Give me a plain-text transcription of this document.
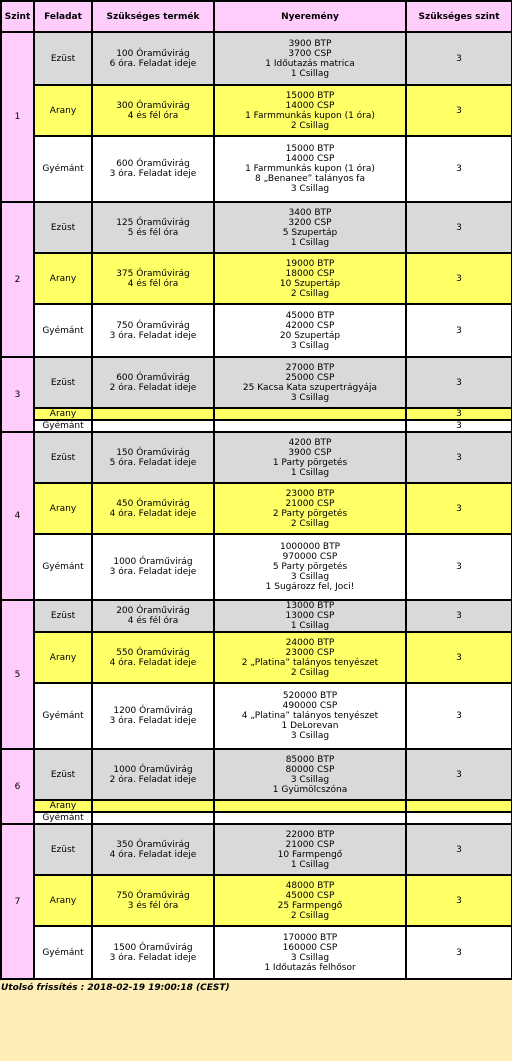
Szint	Feladat	Szükséges termék	Nyeremény	Szükséges szint
1	Ezüst	100 Óraművirág
6 óra. Feladat ideje	3900 BTP
3700 CSP
1 Időutazás matrica
1 Csillag	3
	Arany	300 Óraművirág
4 és fél óra	15000 BTP
14000 CSP
1 Farmmunkás kupon (1 óra)
2 Csillag	3
	Gyémánt	600 Óraművirág
3 óra. Feladat ideje	15000 BTP
14000 CSP
1 Farmmunkás kupon (1 óra)
8 „Benanee” talányos fa
3 Csillag	3
2	Ezüst	125 Óraművirág
5 és fél óra	3400 BTP
3200 CSP
5 Szupertáp
1 Csillag	3
	Arany	375 Óraművirág
4 és fél óra	19000 BTP
18000 CSP
10 Szupertáp
2 Csillag	3
	Gyémánt	750 Óraművirág
3 óra. Feladat ideje	45000 BTP
42000 CSP
20 Szupertáp
3 Csillag	3
3	Ezüst	600 Óraművirág
2 óra. Feladat ideje	27000 BTP
25000 CSP
25 Kacsa Kata szupertrágyája
3 Csillag	3
	Arany			3
	Gyémánt			3
4	Ezüst	150 Óraművirág
5 óra. Feladat ideje	4200 BTP
3900 CSP
1 Party pörgetés
1 Csillag	3
	Arany	450 Óraművirág
4 óra. Feladat ideje	23000 BTP
21000 CSP
2 Party pörgetés
2 Csillag	3
	Gyémánt	1000 Óraművirág
3 óra. Feladat ideje	1000000 BTP
970000 CSP
5 Party pörgetés
3 Csillag
1 Sugározz fel, Joci!	3
5	Ezüst	200 Óraművirág
4 és fél óra	13000 BTP
13000 CSP
1 Csillag	3
	Arany	550 Óraművirág
4 óra. Feladat ideje	24000 BTP
23000 CSP
2 „Platina” talányos tenyészet
2 Csillag	3
	Gyémánt	1200 Óraművirág
3 óra. Feladat ideje	520000 BTP
490000 CSP
4 „Platina” talányos tenyészet
1 DeLorevan
3 Csillag	3
6	Ezüst	1000 Óraművirág
2 óra. Feladat ideje	85000 BTP
80000 CSP
3 Csillag
1 Gyümölcszóna	3
	Arany			
	Gyémánt			
7	Ezüst	350 Óraművirág
4 óra. Feladat ideje	22000 BTP
21000 CSP
10 Farmpengő
1 Csillag	3
	Arany	750 Óraművirág
3 és fél óra	48000 BTP
45000 CSP
25 Farmpengő
2 Csillag	3
	Gyémánt	1500 Óraművirág
3 óra. Feladat ideje	170000 BTP
160000 CSP
3 Csillag
1 Időutazás felhősor	3
Utolsó frissítés : 2018-02-19 19:00:18 (CEST)
